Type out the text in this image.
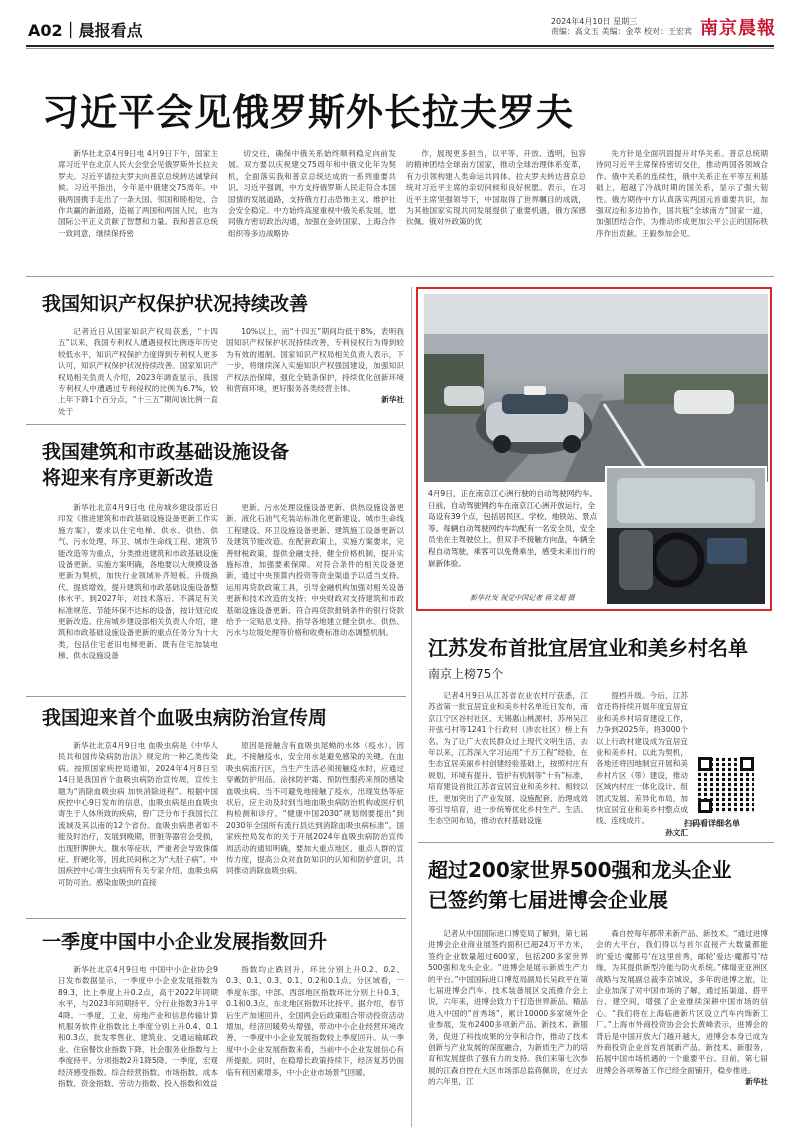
A02｜晨报看点	2024年4月10日 星期三
责编：高文玉 美编：金萃 校对：王宏宾 南京晨報
习近平会见俄罗斯外长拉夫罗夫

新华社北京4月9日电 4月9日下午，国家主席习近平在北京人民大会堂会见俄罗斯外长拉夫罗夫。习近平请拉夫罗夫向普京总统转达诚挚问候。习近平指出，今年是中俄建交75周年。中俄两国携手走出了一条大国、邻国和睦相处、合作共赢的新道路，造福了两国和两国人民，也为国际公平正义贡献了智慧和力量。我和普京总统一致同意，继续保持密

切交往，确保中俄关系始终顺利稳定向前发展。双方要以庆祝建交75周年和中俄文化年为契机，全面落实我和普京总统达成的一系列重要共识。习近平强调，中方支持俄罗斯人民走符合本国国情的发展道路，支持俄方打击恐怖主义、维护社会安全稳定。中方始终高度重视中俄关系发展，愿同俄方密切政治沟通，加强在金砖国家、上海合作组织等多边战略协

作，展现更多担当，以平等、开放、透明，包容的精神团结全球南方国家，推动全球治理体系变革，有力引领构建人类命运共同体。拉夫罗夫转达普京总统对习近平主席的亲切问候和良好祝愿。表示，在习近平主席坚强领导下，中国取得了世界瞩目的成就，为其他国家实现共同发展提供了重要机遇，俄方深感钦佩。俄对外政策的优

先方针是全面巩固提升对华关系。普京总统期待同习近平主席保持密切交往，推动两国各领域合作。俄中关系的连续性，俄中关系正在平等互利基础上，超越了冷战时期的国关系，显示了强大韧性。俄方期待中方认真落实两国元首重要共识，加强双边和多边协作，国共瓶“全球南方”国家一道，加强团结合作，为推动形成更加公平公正的国际秩序作出贡献。王毅参加会见。

我国知识产权保护状况持续改善

记者近日从国家知识产权局获悉，“十四五”以来，我国专利权人遭遇侵权比例逐年历史较低水平，知识产权保护力度得到专利权人更多认可，知识产权保护状况持续改善。国家知识产权局相关负责人介绍，2023年调查显示，我国专利权人中遭遇过专利侵权的比例为6.7%，较上年下降1个百分点，“十三五”期间该比例一直处于

10%以上，而“十四五”期间均低于8%，表明我国知识产权保护状况持续改善，专利侵权行为得到较为有效的遏制。国家知识产权局相关负责人表示，下一步，将继续深入实施知识产权强国建设，加强知识产权法治保障，强化全链条保护，持续优化创新环境和营商环境，更好服务各类经营主体。

新华社
我国建筑和市政基础设施设备
将迎来有序更新改造

新华社北京4月9日电 住房城乡建设部近日印发《推进建筑和市政基础设施设备更新工作实施方案》，要求以住宅电梯、供水、供热、供气、污水处理、环卫、城市生命线工程、建筑节能改造等为重点，分类推进建筑和市政基础设施设备更新。实施方案明确，各地要以大规模设备更新为契机，加快行业领域补齐短板、升级换代、提质增效，提升建筑和市政基础设施设备整体水平。到2027年，对技术落后、不满足有关标准规范、节能环保不达标的设备，按计划完成更新改造。住房城乡建设部相关负责人介绍，建筑和市政基础设施设备更新的重点任务分为十大类，包括住宅老旧电梯更新、既有住宅加装电梯、供水设施设备

更新、污水处理设施设备更新、供热设施设备更新、液化石油气充装站标准化更新建设、城市生命线工程建设、环卫设施设备更新、建筑施工设备更新以及建筑节能改造。在配套政策上，实施方案要求，完善财税政策，提供金融支持，健全价格机制，提升实施标准，加强要素保障。对符合条件的相关设备更新，通过中央预算内投资等资金渠道予以适当支持。运用再贷款政策工具，引导金融机构加强对相关设备更新和技术改造的支持；中央财政对支持建筑和市政基础设施设备更新、符合再贷款报销条件的银行贷款给予一定贴息支持。指导各地建立健全供水、供热、污水与垃圾处理等价格和收费标准动态调整机制。

4月9日，正在南京江心洲行驶的自动驾驶网约车。日前，自动驾驶网约车在南京江心洲开放运行，全岛设有39个点，包括居民区、学校、地铁站、景点等。每辆自动驾驶网约车均配有一名安全员，安全员坐在主驾驶位上，但双手不接触方向盘，车辆全程自动驾驶，乘客可以免费乘坐，感受未来出行的崭新体验。
新华社发 视觉中国记者 蒋文超 摄
江苏发布首批宜居宜业和美乡村名单
南京上榜75个

记者4月9日从江苏省农业农村厅获悉，江苏省第一批宜居宜业和美乡村名单近日发布，南京江宁区谷村社区、无锡惠山桃源村、苏州吴江开弦弓村等1241个行政村（涉农社区）榜上有名。为了让广大农民群众过上现代文明生活，去年以来，江苏深入学习运用“千万工程”经验，在生态宜居美丽乡村创建经验基础上，按照村庄有规划、环境有提升、管护有机制等“十有”标准，培育建设首批江苏省宜居宜业和美乡村。相较以往，更加突出了产业发展、设施配套、治理成效等引导培育，进一步统筹优化乡村生产、生活、生态空间布局，推动农村基础设施

提档升级。今后，江苏省还将持续开展年度宜居宜业和美乡村培育建设工作，力争到2025年，将3000个以上行政村建设成为宜居宜业和美乡村。以此为契机，各地还将因地制宜开展和美乡村片区（带）建设，推动区域内村庄一体化设计、组团式发展、差异化布局，加快宜居宜业和美乡村整点成线、连线成片。

孙文汇
扫码看详细名单
我国迎来首个血吸虫病防治宣传周

新华社北京4月9日电 血吸虫病是《中华人民共和国传染病防治法》规定的一种乙类传染病。按照国家疾控局通知，2024年4月8日至14日是我国首个血吸虫病防治宣传周，宣传主题为“消除血吸虫病 加快消除进程”。根据中国疾控中心9日发布的信息，血吸虫病是由血吸虫寄生于人体所致的疾病，曾广泛分布于我国长江流域及其以南的12个省份。血吸虫病患者如不能及时治疗，发展到晚期，肝脏等器官会受损，出现肝脾肿大、腹水等症状，严重者会导致侏儒症、肝硬化等，因此民间称之为“大肚子病”。中国疾控中心寄生虫病所有关专家介绍，血吸虫病可防可治。感染血吸虫的直接

原因是接触含有血吸虫尾蚴的水体（疫水）。因此，不接触疫水，安全用水是避免感染的关键。在血吸虫病流行区，当生产生活必须接触疫水时，应通过穿戴防护用品、涂抹防护霜、预防性服药来预防感染血吸虫病。当不可避免地接触了疫水，出现发热等症状后，应主动及时到当地血吸虫病防治机构或医疗机构检测和诊疗。“健康中国2030”规划纲要提出“到2030年全国所有流行县达到消除血吸虫病标准”。国家疾控局发布的关于开展2024年血吸虫病防治宣传周活动的通知明确，要加大重点地区、重点人群的宣传力度，提高公众对血防知识的认知和防护意识，共同推动消除血吸虫病。

一季度中国中小企业发展指数回升

新华社北京4月9日电 中国中小企业协会9日发布数据显示，一季度中小企业发展指数为89.3，比上季度上升0.2点，高于2022年同期水平，与2023年同期持平。分行业指数3升1平4降。一季度，工业、房地产业和信息传输计算机服务软件业指数比上季度分别上升0.4、0.1和0.3点，批发零售业、建筑业、交通运输邮政业、住宿餐饮业指数下降，社会服务业指数与上季度持平。分项指数2升1降5降。一季度，宏观经济感受指数、综合经营指数、市场指数、成本指数、资金指数、劳动力指数、投入指数和效益

指数均止跌回升，环比分别上升0.2、0.2、0.3、0.1、0.3、0.1、0.2和0.1点。分区域看，一季度东部、中部、西部地区指数环比分别上升0.3、0.1和0.3点，东北地区指数环比持平。据介绍，春节后生产加速回升，全国两会后政策组合带动投资活动增加，经济回暖势头增强，带动中小企业经营环境改善，一季度中小企业发展指数较上季度回升。从一季度中小企业发展指数来看，当前中小企业发展信心有所提振。同时，在稳增长政策持续下，经济复苏仍面临有利因素增多，中小企业市场景气回暖。

超过200家世界500强和龙头企业
已签约第七届进博会企业展

记者从中国国际进口博览局了解到，第七届进博会企业商业展签约面积已超24万平方米，签约企业数量超过600家，包括200多家世界500强和龙头企业。“进博会是展示新质生产力的平台。”中国国际进口博览局副局长吴政平在第七届进博会汽车、技术装备展区交流推介会上说，六年来，进博会致力于打造世界新品、精品进入中国的“首秀场”，累计10000多家境外企业参展，发布2400多项新产品、新技术、新服务，促进了科技成果的分享和合作，推动了技术创新与产业发展的深度融合，为新质生产力的培育和发展提供了强有力的支持。我们来第七次参展的江森自控在大区市场部总监蒋佩说，在过去的六年里，江

森自控每年都带来新产品、新技术。“通过进博会的大平台，我们得以与首尔直接产大数量都能的‘爱达·魔都号’在这里首秀，邮轮‘爱达·魔都号’结缘，为其提供新型冷能与防火系统。”佛瑞亚亚洲区战略与发展副总裁李京城说，多年的进博之旅，让企业加深了对中国市场的了解，通过拓渠道、搭平台、建空间，增强了企业继续深耕中国市场的信心。“我们将在上海临港新片区设立汽车内饰新工厂。”上海市外商投资协会会长黄峰表示，进博会的背后是中国开放大门越开越大，进博会本身已成为外商投资企业首发首展新产品、新技术、新服务，拓展中国市场机遇的一个重要平台。目前，第七届进博会各项筹备工作已经全面铺开，稳步推进。

新华社
